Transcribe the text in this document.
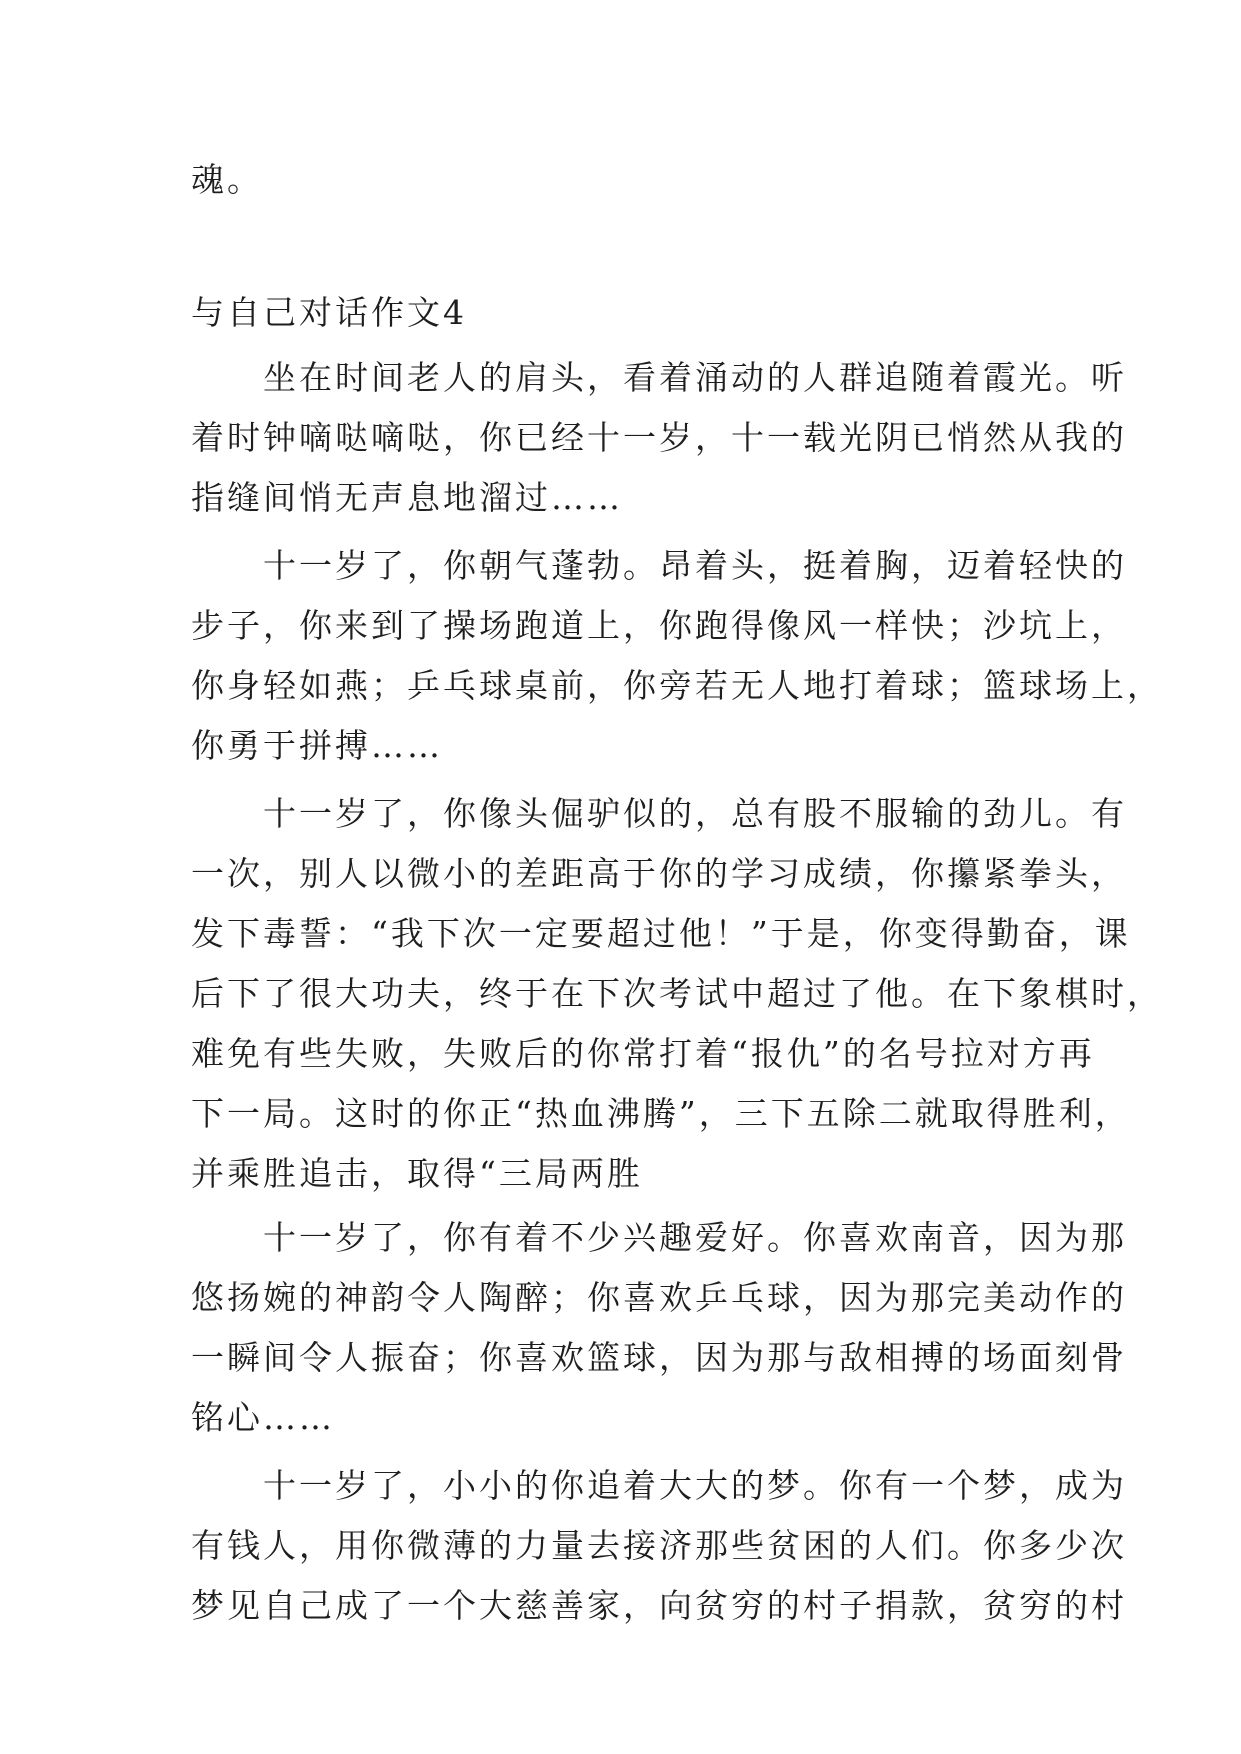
魂。
与自己对话作文4
　　坐在时间老人的肩头，看着涌动的人群追随着霞光。听
着时钟嘀哒嘀哒，你已经十一岁，十一载光阴已悄然从我的
指缝间悄无声息地溜过……
　　十一岁了，你朝气蓬勃。昂着头，挺着胸，迈着轻快的
步子，你来到了操场跑道上，你跑得像风一样快；沙坑上，
你身轻如燕；乒乓球桌前，你旁若无人地打着球；篮球场上，
你勇于拼搏……
　　十一岁了，你像头倔驴似的，总有股不服输的劲儿。有
一次，别人以微小的差距高于你的学习成绩，你攥紧拳头，
发下毒誓：“我下次一定要超过他！”于是，你变得勤奋，课
后下了很大功夫，终于在下次考试中超过了他。在下象棋时，
难免有些失败，失败后的你常打着“报仇”的名号拉对方再
下一局。这时的你正“热血沸腾”，三下五除二就取得胜利，
并乘胜追击，取得“三局两胜
　　十一岁了，你有着不少兴趣爱好。你喜欢南音，因为那
悠扬婉的神韵令人陶醉；你喜欢乒乓球，因为那完美动作的
一瞬间令人振奋；你喜欢篮球，因为那与敌相搏的场面刻骨
铭心……
　　十一岁了，小小的你追着大大的梦。你有一个梦，成为
有钱人，用你微薄的力量去接济那些贫困的人们。你多少次
梦见自己成了一个大慈善家，向贫穷的村子捐款，贫穷的村
